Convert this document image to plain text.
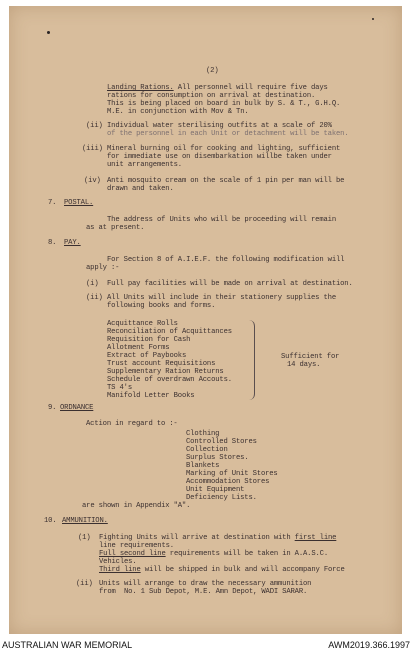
(2)
Landing Rations. All personnel will require five days
rations for consumption on arrival at destination.
This is being placed on board in bulk by S. & T., G.H.Q.
M.E. in conjunction with Mov & Tn.
(ii) Individual water sterilising outfits at a scale of 20%
of the personnel in each Unit or detachment will be taken.
(iii) Mineral burning oil for cooking and lighting, sufficient
for immediate use on disembarkation willbe taken under
unit arrangements.
(iv) Anti mosquito cream on the scale of 1 pin per man will be
drawn and taken.
7. POSTAL.
The address of Units who will be proceeding will remain
as at present.
8. PAY.
For Section 8 of A.I.E.F. the following modification will
apply :-
(i) Full pay facilities will be made on arrival at destination.
(ii) All Units will include in their stationery supplies the
following books and forms.
Acquittance Rolls
Reconciliation of Acquittances
Requisition for Cash
Allotment Forms
Extract of Paybooks
Trust account Requisitions
Supplementary Ration Returns
Schedule of overdrawn Accouts.
TS 4's
Manifold Letter Books
Sufficient for
14 days.
9. ORDNANCE
Action in regard to :-
Clothing
Controlled Stores
Collection
Surplus Stores.
Blankets
Marking of Unit Stores
Accommodation Stores
Unit Equipment
Deficiency Lists.
are shown in Appendix "A".
10. AMMUNITION.
(1) Fighting Units will arrive at destination with first line
line requirements.
Full second line requirements will be taken in A.A.S.C.
Vehicles.
Third line will be shipped in bulk and will accompany Force
(ii) Units will arrange to draw the necessary ammunition
from  No. 1 Sub Depot, M.E. Amn Depot, WADI SARAR.
AUSTRALIAN WAR MEMORIAL	AWM2019.366.1997
